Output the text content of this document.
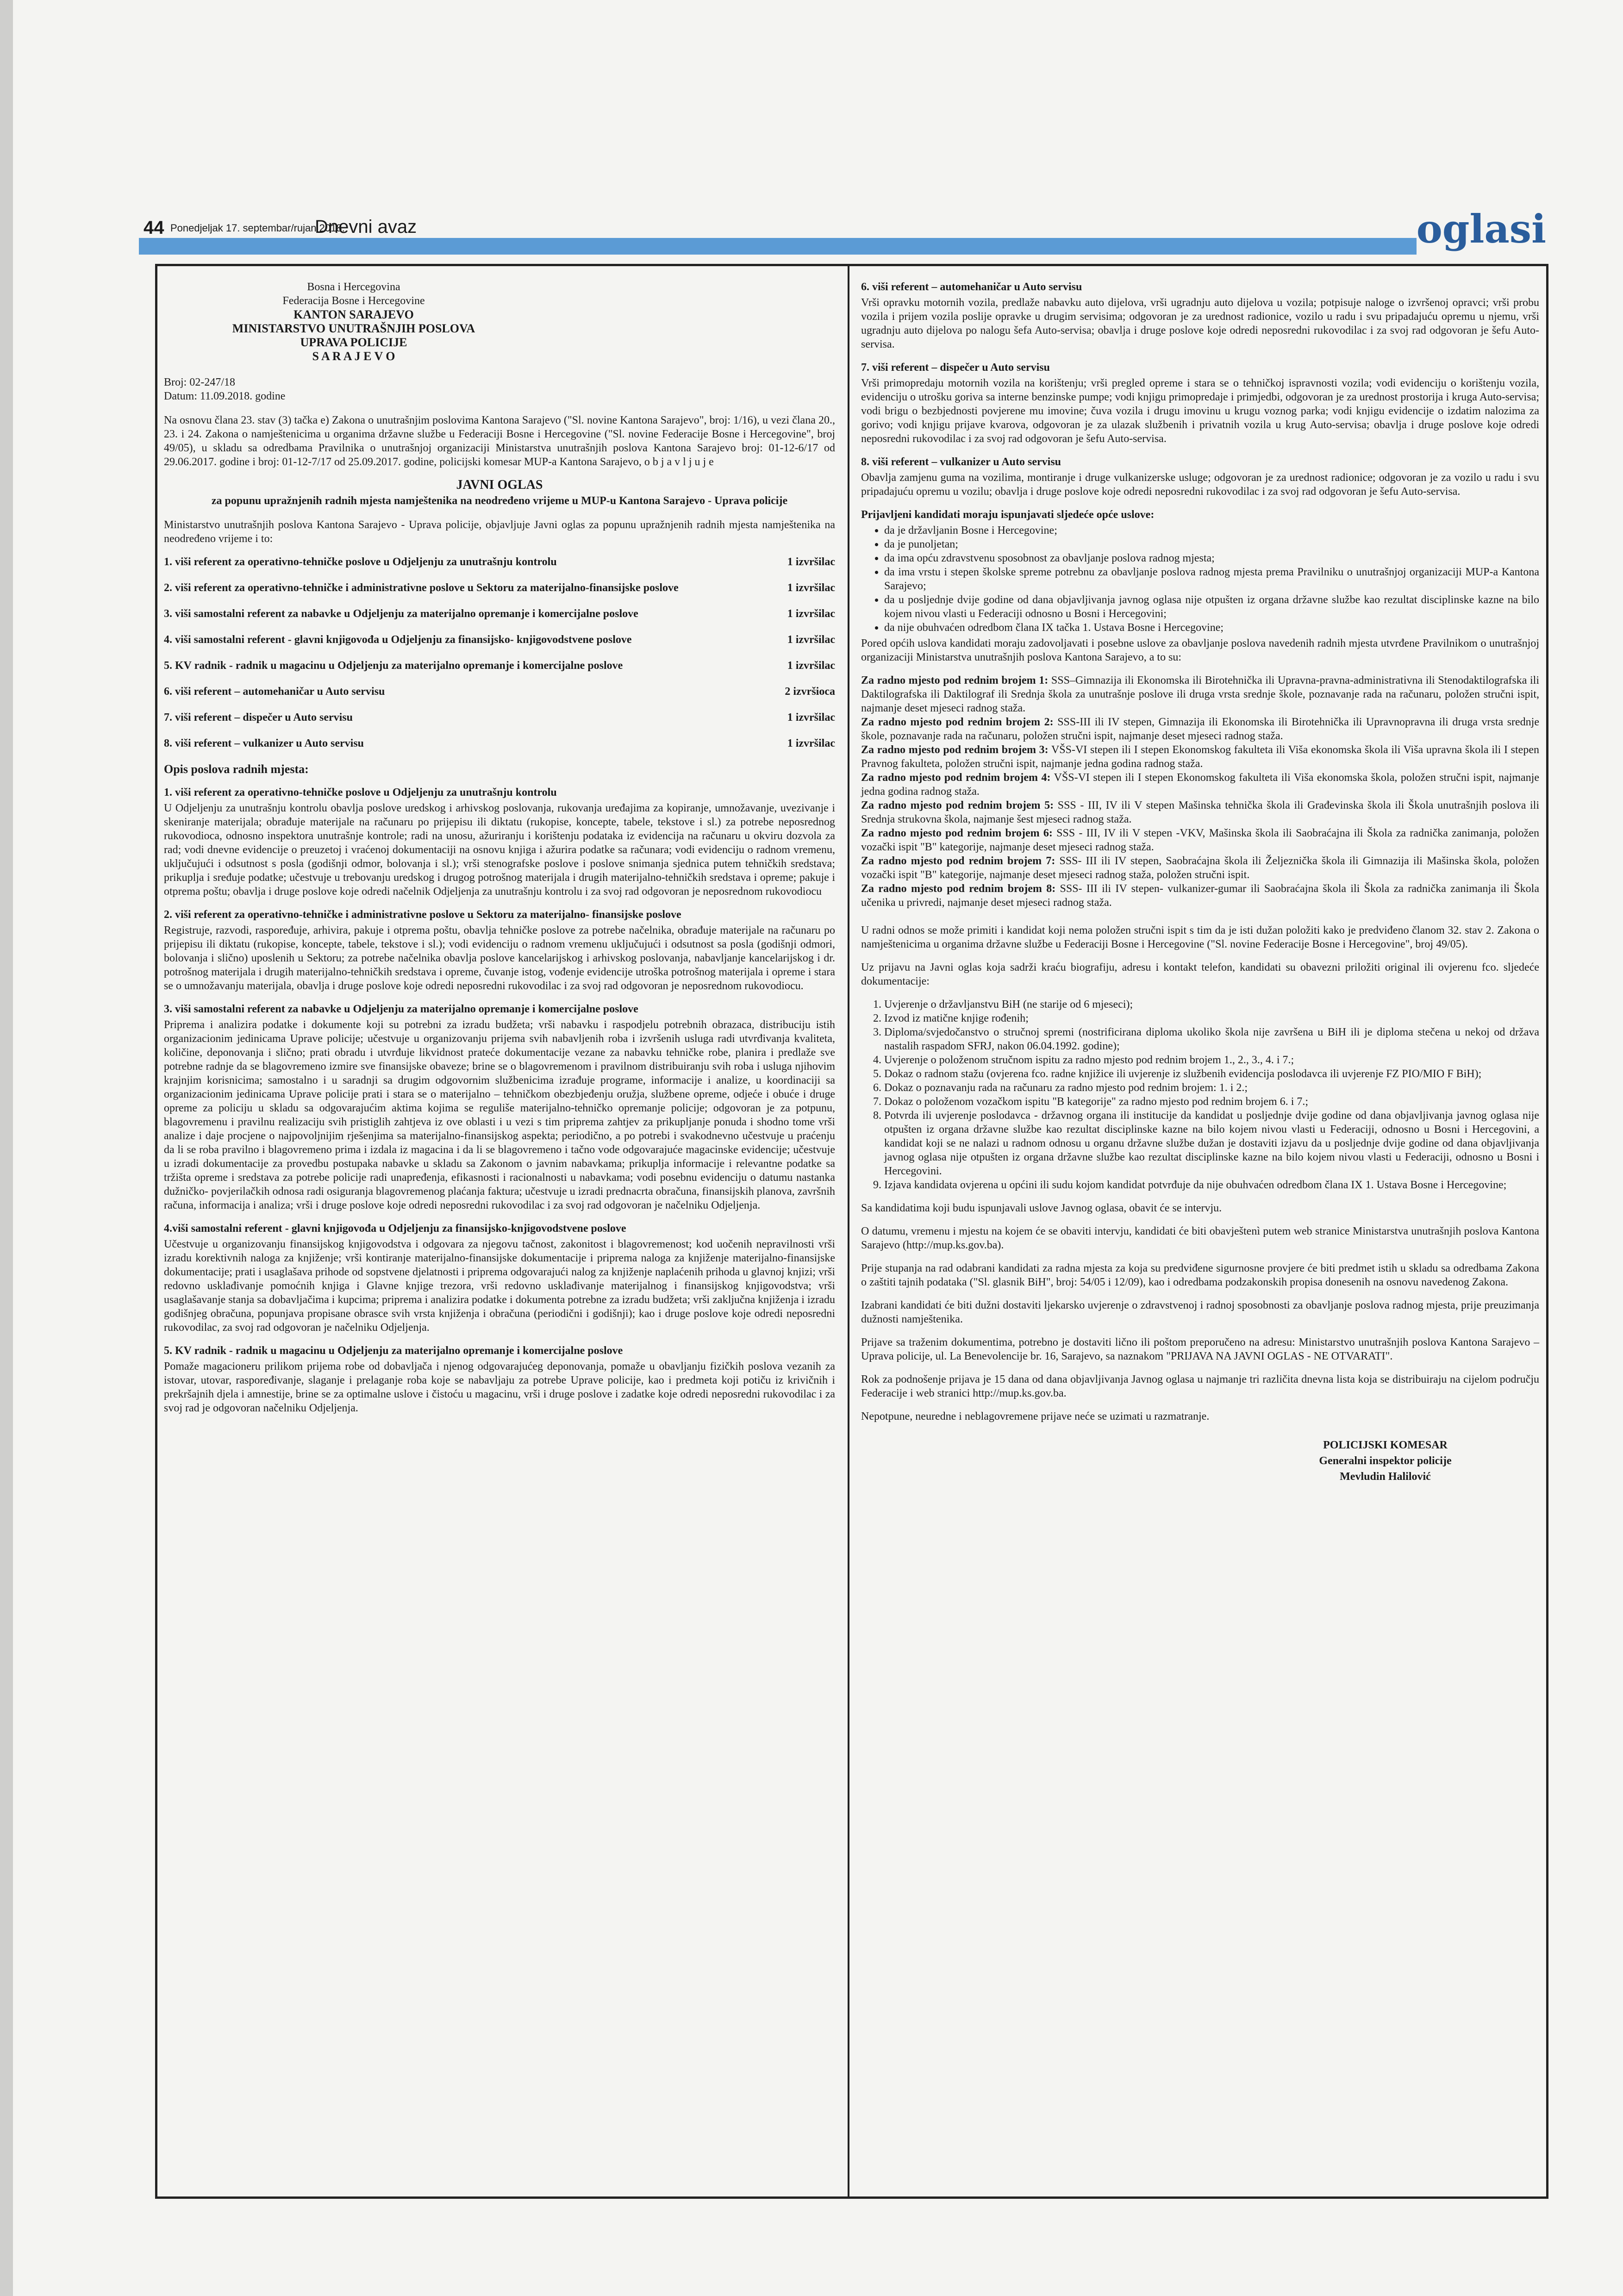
44 Ponedjeljak 17. septembar/rujan 2018.
Dnevni avaz	oglasi
Bosna i Hercegovina
Federacija Bosne i Hercegovine
KANTON SARAJEVO
MINISTARSTVO UNUTRAŠNJIH POSLOVA
UPRAVA POLICIJE
S A R A J E V O
Broj: 02-247/18
Datum: 11.09.2018. godine

Na osnovu člana 23. stav (3) tačka e) Zakona o unutrašnjim poslovima Kantona Sarajevo ("Sl. novine Kantona Sarajevo", broj: 1/16), u vezi člana 20., 23. i 24. Zakona o namještenicima u organima državne službe u Federaciji Bosne i Hercegovine ("Sl. novine Federacije Bosne i Hercegovine", broj 49/05), u skladu sa odredbama Pravilnika o unutrašnjoj organizaciji Ministarstva unutrašnjih poslova Kantona Sarajevo broj: 01-12-6/17 od 29.06.2017. godine i broj: 01-12-7/17 od 25.09.2017. godine, policijski komesar MUP-a Kantona Sarajevo, o b j a v l j u j e

JAVNI OGLAS
za popunu upražnjenih radnih mjesta namještenika na neodređeno vrijeme u MUP-u Kantona Sarajevo - Uprava policije

Ministarstvo unutrašnjih poslova Kantona Sarajevo - Uprava policije, objavljuje Javni oglas za popunu upražnjenih radnih mjesta namještenika na neodređeno vrijeme i to:

1. viši referent za operativno-tehničke poslove u Odjeljenju za unutrašnju kontrolu	1 izvršilac
2. viši referent za operativno-tehničke i administrativne poslove u Sektoru za materijalno-finansijske poslove	1 izvršilac
3. viši samostalni referent za nabavke u Odjeljenju za materijalno opremanje i komercijalne poslove	1 izvršilac
4. viši samostalni referent - glavni knjigovođa u Odjeljenju za finansijsko- knjigovodstvene poslove	1 izvršilac
5. KV radnik - radnik u magacinu u Odjeljenju za materijalno opremanje i komercijalne poslove	1 izvršilac
6. viši referent – automehaničar u Auto servisu	2 izvršioca
7. viši referent – dispečer u Auto servisu	1 izvršilac
8. viši referent – vulkanizer u Auto servisu	1 izvršilac
Opis poslova radnih mjesta:
1. viši referent za operativno-tehničke poslove u Odjeljenju za unutrašnju kontrolu

U Odjeljenju za unutrašnju kontrolu obavlja poslove uredskog i arhivskog poslovanja, rukovanja uređajima za kopiranje, umnožavanje, uvezivanje i skeniranje materijala; obrađuje materijale na računaru po prijepisu ili diktatu (rukopise, koncepte, tabele, tekstove i sl.) za potrebe neposrednog rukovodioca, odnosno inspektora unutrašnje kontrole; radi na unosu, ažuriranju i korištenju podataka iz evidencija na računaru u okviru dozvola za rad; vodi dnevne evidencije o preuzetoj i vraćenoj dokumentaciji na osnovu knjiga i ažurira podatke sa računara; vodi evidenciju o radnom vremenu, uključujući i odsutnost s posla (godišnji odmor, bolovanja i sl.); vrši stenografske poslove i poslove snimanja sjednica putem tehničkih sredstava; prikuplja i sređuje podatke; učestvuje u trebovanju uredskog i drugog potrošnog materijala i drugih materijalno-tehničkih sredstava i opreme; pakuje i otprema poštu; obavlja i druge poslove koje odredi načelnik Odjeljenja za unutrašnju kontrolu i za svoj rad odgovoran je neposrednom rukovodiocu

2. viši referent za operativno-tehničke i administrativne poslove u Sektoru za materijalno- finansijske poslove

Registruje, razvodi, raspoređuje, arhivira, pakuje i otprema poštu, obavlja tehničke poslove za potrebe načelnika, obrađuje materijale na računaru po prijepisu ili diktatu (rukopise, koncepte, tabele, tekstove i sl.); vodi evidenciju o radnom vremenu uključujući i odsutnost sa posla (godišnji odmori, bolovanja i slično) uposlenih u Sektoru; za potrebe načelnika obavlja poslove kancelarijskog i arhivskog poslovanja, nabavljanje kancelarijskog i dr. potrošnog materijala i drugih materijalno-tehničkih sredstava i opreme, čuvanje istog, vođenje evidencije utroška potrošnog materijala i opreme i stara se o umnožavanju materijala, obavlja i druge poslove koje odredi neposredni rukovodilac i za svoj rad odgovoran je neposrednom rukovodiocu.

3. viši samostalni referent za nabavke u Odjeljenju za materijalno opremanje i komercijalne poslove

Priprema i analizira podatke i dokumente koji su potrebni za izradu budžeta; vrši nabavku i raspodjelu potrebnih obrazaca, distribuciju istih organizacionim jedinicama Uprave policije; učestvuje u organizovanju prijema svih nabavljenih roba i izvršenih usluga radi utvrđivanja kvaliteta, količine, deponovanja i slično; prati obradu i utvrđuje likvidnost prateće dokumentacije vezane za nabavku tehničke robe, planira i predlaže sve potrebne radnje da se blagovremeno izmire sve finansijske obaveze; brine se o blagovremenom i pravilnom distribuiranju svih roba i usluga njihovim krajnjim korisnicima; samostalno i u saradnji sa drugim odgovornim službenicima izrađuje programe, informacije i analize, u koordinaciji sa organizacionim jedinicama Uprave policije prati i stara se o materijalno – tehničkom obezbjeđenju oružja, službene opreme, odjeće i obuće i druge opreme za policiju u skladu sa odgovarajućim aktima kojima se reguliše materijalno-tehničko opremanje policije; odgovoran je za potpunu, blagovremenu i pravilnu realizaciju svih pristiglih zahtjeva iz ove oblasti i u vezi s tim priprema zahtjev za prikupljanje ponuda i shodno tome vrši analize i daje procjene o najpovoljnijim rješenjima sa materijalno-finansijskog aspekta; periodično, a po potrebi i svakodnevno učestvuje u praćenju da li se roba pravilno i blagovremeno prima i izdala iz magacina i da li se blagovremeno i tačno vode odgovarajuće magacinske evidencije; učestvuje u izradi dokumentacije za provedbu postupaka nabavke u skladu sa Zakonom o javnim nabavkama; prikuplja informacije i relevantne podatke sa tržišta opreme i sredstava za potrebe policije radi unapređenja, efikasnosti i racionalnosti u nabavkama; vodi posebnu evidenciju o datumu nastanka dužničko- povjerilačkih odnosa radi osiguranja blagovremenog plaćanja faktura; učestvuje u izradi prednacrta obračuna, finansijskih planova, završnih računa, informacija i analiza; vrši i druge poslove koje odredi neposredni rukovodilac i za svoj rad odgovoran je načelniku Odjeljenja.

4.viši samostalni referent - glavni knjigovođa u Odjeljenju za finansijsko-knjigovodstvene poslove

Učestvuje u organizovanju finansijskog knjigovodstva i odgovara za njegovu tačnost, zakonitost i blagovremenost; kod uočenih nepravilnosti vrši izradu korektivnih naloga za knjiženje; vrši kontiranje materijalno-finansijske dokumentacije i priprema naloga za knjiženje materijalno-finansijske dokumentacije; prati i usaglašava prihode od sopstvene djelatnosti i priprema odgovarajući nalog za knjiženje naplaćenih prihoda u glavnoj knjizi; vrši redovno usklađivanje pomoćnih knjiga i Glavne knjige trezora, vrši redovno usklađivanje materijalnog i finansijskog knjigovodstva; vrši usaglašavanje stanja sa dobavljačima i kupcima; priprema i analizira podatke i dokumenta potrebne za izradu budžeta; vrši zaključna knjiženja i izradu godišnjeg obračuna, popunjava propisane obrasce svih vrsta knjiženja i obračuna (periodični i godišnji); kao i druge poslove koje odredi neposredni rukovodilac, za svoj rad odgovoran je načelniku Odjeljenja.

5. KV radnik - radnik u magacinu u Odjeljenju za materijalno opremanje i komercijalne poslove

Pomaže magacioneru prilikom prijema robe od dobavljača i njenog odgovarajućeg deponovanja, pomaže u obavljanju fizičkih poslova vezanih za istovar, utovar, raspoređivanje, slaganje i prelaganje roba koje se nabavljaju za potrebe Uprave policije, kao i predmeta koji potiču iz krivičnih i prekršajnih djela i amnestije, brine se za optimalne uslove i čistoću u magacinu, vrši i druge poslove i zadatke koje odredi neposredni rukovodilac i za svoj rad je odgovoran načelniku Odjeljenja.

6. viši referent – automehaničar u Auto servisu

Vrši opravku motornih vozila, predlaže nabavku auto dijelova, vrši ugradnju auto dijelova u vozila; potpisuje naloge o izvršenoj opravci; vrši probu vozila i prijem vozila poslije opravke u drugim servisima; odgovoran je za urednost radionice, vozilo u radu i svu pripadajuću opremu u njemu, vrši ugradnju auto dijelova po nalogu šefa Auto-servisa; obavlja i druge poslove koje odredi neposredni rukovodilac i za svoj rad odgovoran je šefu Auto-servisa.

7. viši referent – dispečer u Auto servisu

Vrši primopredaju motornih vozila na korištenju; vrši pregled opreme i stara se o tehničkoj ispravnosti vozila; vodi evidenciju o korištenju vozila, evidenciju o utrošku goriva sa interne benzinske pumpe; vodi knjigu primopredaje i primjedbi, odgovoran je za urednost prostorija i kruga Auto-servisa; vodi brigu o bezbjednosti povjerene mu imovine; čuva vozila i drugu imovinu u krugu voznog parka; vodi knjigu evidencije o izdatim nalozima za gorivo; vodi knjigu prijave kvarova, odgovoran je za ulazak službenih i privatnih vozila u krug Auto-servisa; obavlja i druge poslove koje odredi neposredni rukovodilac i za svoj rad odgovoran je šefu Auto-servisa.

8. viši referent – vulkanizer u Auto servisu

Obavlja zamjenu guma na vozilima, montiranje i druge vulkanizerske usluge; odgovoran je za urednost radionice; odgovoran je za vozilo u radu i svu pripadajuću opremu u vozilu; obavlja i druge poslove koje odredi neposredni rukovodilac i za svoj rad odgovoran je šefu Auto-servisa.

Prijavljeni kandidati moraju ispunjavati sljedeće opće uslove:
• da je državljanin Bosne i Hercegovine;
• da je punoljetan;
• da ima opću zdravstvenu sposobnost za obavljanje poslova radnog mjesta;
• da ima vrstu i stepen školske spreme potrebnu za obavljanje poslova radnog mjesta prema Pravilniku o unutrašnjoj organizaciji MUP-a Kantona Sarajevo;
• da u posljednje dvije godine od dana objavljivanja javnog oglasa nije otpušten iz organa državne službe kao rezultat disciplinske kazne na bilo kojem nivou vlasti u Federaciji odnosno u Bosni i Hercegovini;
• da nije obuhvaćen odredbom člana IX tačka 1. Ustava Bosne i Hercegovine;

Pored općih uslova kandidati moraju zadovoljavati i posebne uslove za obavljanje poslova navedenih radnih mjesta utvrđene Pravilnikom o unutrašnjoj organizaciji Ministarstva unutrašnjih poslova Kantona Sarajevo, a to su:

Za radno mjesto pod rednim brojem 1: SSS–Gimnazija ili Ekonomska ili Birotehnička ili Upravna-pravna-administrativna ili Stenodaktilografska ili Daktilografska ili Daktilograf ili Srednja škola za unutrašnje poslove ili druga vrsta srednje škole, poznavanje rada na računaru, položen stručni ispit, najmanje deset mjeseci radnog staža.
Za radno mjesto pod rednim brojem 2: SSS-III ili IV stepen, Gimnazija ili Ekonomska ili Birotehnička ili Upravnopravna ili druga vrsta srednje škole, poznavanje rada na računaru, položen stručni ispit, najmanje deset mjeseci radnog staža.
Za radno mjesto pod rednim brojem 3: VŠS-VI stepen ili I stepen Ekonomskog fakulteta ili Viša ekonomska škola ili Viša upravna škola ili I stepen Pravnog fakulteta, položen stručni ispit, najmanje jedna godina radnog staža.
Za radno mjesto pod rednim brojem 4: VŠS-VI stepen ili I stepen Ekonomskog fakulteta ili Viša ekonomska škola, položen stručni ispit, najmanje jedna godina radnog staža.
Za radno mjesto pod rednim brojem 5: SSS - III, IV ili V stepen Mašinska tehnička škola ili Građevinska škola ili Škola unutrašnjih poslova ili Srednja strukovna škola, najmanje šest mjeseci radnog staža.
Za radno mjesto pod rednim brojem 6: SSS - III, IV ili V stepen -VKV, Mašinska škola ili Saobraćajna ili Škola za radnička zanimanja, položen vozački ispit "B" kategorije, najmanje deset mjeseci radnog staža.
Za radno mjesto pod rednim brojem 7: SSS- III ili IV stepen, Saobraćajna škola ili Željeznička škola ili Gimnazija ili Mašinska škola, položen vozački ispit "B" kategorije, najmanje deset mjeseci radnog staža, položen stručni ispit.
Za radno mjesto pod rednim brojem 8: SSS- III ili IV stepen- vulkanizer-gumar ili Saobraćajna škola ili Škola za radnička zanimanja ili Škola učenika u privredi, najmanje deset mjeseci radnog staža.

U radni odnos se može primiti i kandidat koji nema položen stručni ispit s tim da je isti dužan položiti kako je predviđeno članom 32. stav 2. Zakona o namještenicima u organima državne službe u Federaciji Bosne i Hercegovine ("Sl. novine Federacije Bosne i Hercegovine", broj 49/05).

Uz prijavu na Javni oglas koja sadrži kraću biografiju, adresu i kontakt telefon, kandidati su obavezni priložiti original ili ovjerenu fco. sljedeće dokumentacije:

1. Uvjerenje o državljanstvu BiH (ne starije od 6 mjeseci);
2. Izvod iz matične knjige rođenih;
3. Diploma/svjedočanstvo o stručnoj spremi (nostrificirana diploma ukoliko škola nije završena u BiH ili je diploma stečena u nekoj od država nastalih raspadom SFRJ, nakon 06.04.1992. godine);
4. Uvjerenje o položenom stručnom ispitu za radno mjesto pod rednim brojem 1., 2., 3., 4. i 7.;
5. Dokaz o radnom stažu (ovjerena fco. radne knjižice ili uvjerenje iz službenih evidencija poslodavca ili uvjerenje FZ PIO/MIO F BiH);
6. Dokaz o poznavanju rada na računaru za radno mjesto pod rednim brojem: 1. i 2.;
7. Dokaz o položenom vozačkom ispitu "B kategorije" za radno mjesto pod rednim brojem 6. i 7.;
8. Potvrda ili uvjerenje poslodavca - državnog organa ili institucije da kandidat u posljednje dvije godine od dana objavljivanja javnog oglasa nije otpušten iz organa državne službe kao rezultat disciplinske kazne na bilo kojem nivou vlasti u Federaciji, odnosno u Bosni i Hercegovini, a kandidat koji se ne nalazi u radnom odnosu u organu državne službe dužan je dostaviti izjavu da u posljednje dvije godine od dana objavljivanja javnog oglasa nije otpušten iz organa državne službe kao rezultat disciplinske kazne na bilo kojem nivou vlasti u Federaciji, odnosno u Bosni i Hercegovini.
9. Izjava kandidata ovjerena u općini ili sudu kojom kandidat potvrđuje da nije obuhvaćen odredbom člana IX 1. Ustava Bosne i Hercegovine;

Sa kandidatima koji budu ispunjavali uslove Javnog oglasa, obavit će se intervju.

O datumu, vremenu i mjestu na kojem će se obaviti intervju, kandidati će biti obavještenì putem web stranice Ministarstva unutrašnjih poslova Kantona Sarajevo (http://mup.ks.gov.ba).

Prije stupanja na rad odabrani kandidati za radna mjesta za koja su predviđene sigurnosne provjere će biti predmet istih u skladu sa odredbama Zakona o zaštiti tajnih podataka ("Sl. glasnik BiH", broj: 54/05 i 12/09), kao i odredbama podzakonskih propisa donesenih na osnovu navedenog Zakona.

Izabrani kandidati će biti dužni dostaviti ljekarsko uvjerenje o zdravstvenoj i radnoj sposobnosti za obavljanje poslova radnog mjesta, prije preuzimanja dužnosti namještenika.

Prijave sa traženim dokumentima, potrebno je dostaviti lično ili poštom preporučeno na adresu: Ministarstvo unutrašnjih poslova Kantona Sarajevo – Uprava policije, ul. La Benevolencije br. 16, Sarajevo, sa naznakom "PRIJAVA NA JAVNI OGLAS - NE OTVARATI".

Rok za podnošenje prijava je 15 dana od dana objavljivanja Javnog oglasa u najmanje tri različita dnevna lista koja se distribuiraju na cijelom području Federacije i web stranici http://mup.ks.gov.ba.

Nepotpune, neuredne i neblagovremene prijave neće se uzimati u razmatranje.

POLICIJSKI KOMESAR
Generalni inspektor policije
Mevludin Halilović
